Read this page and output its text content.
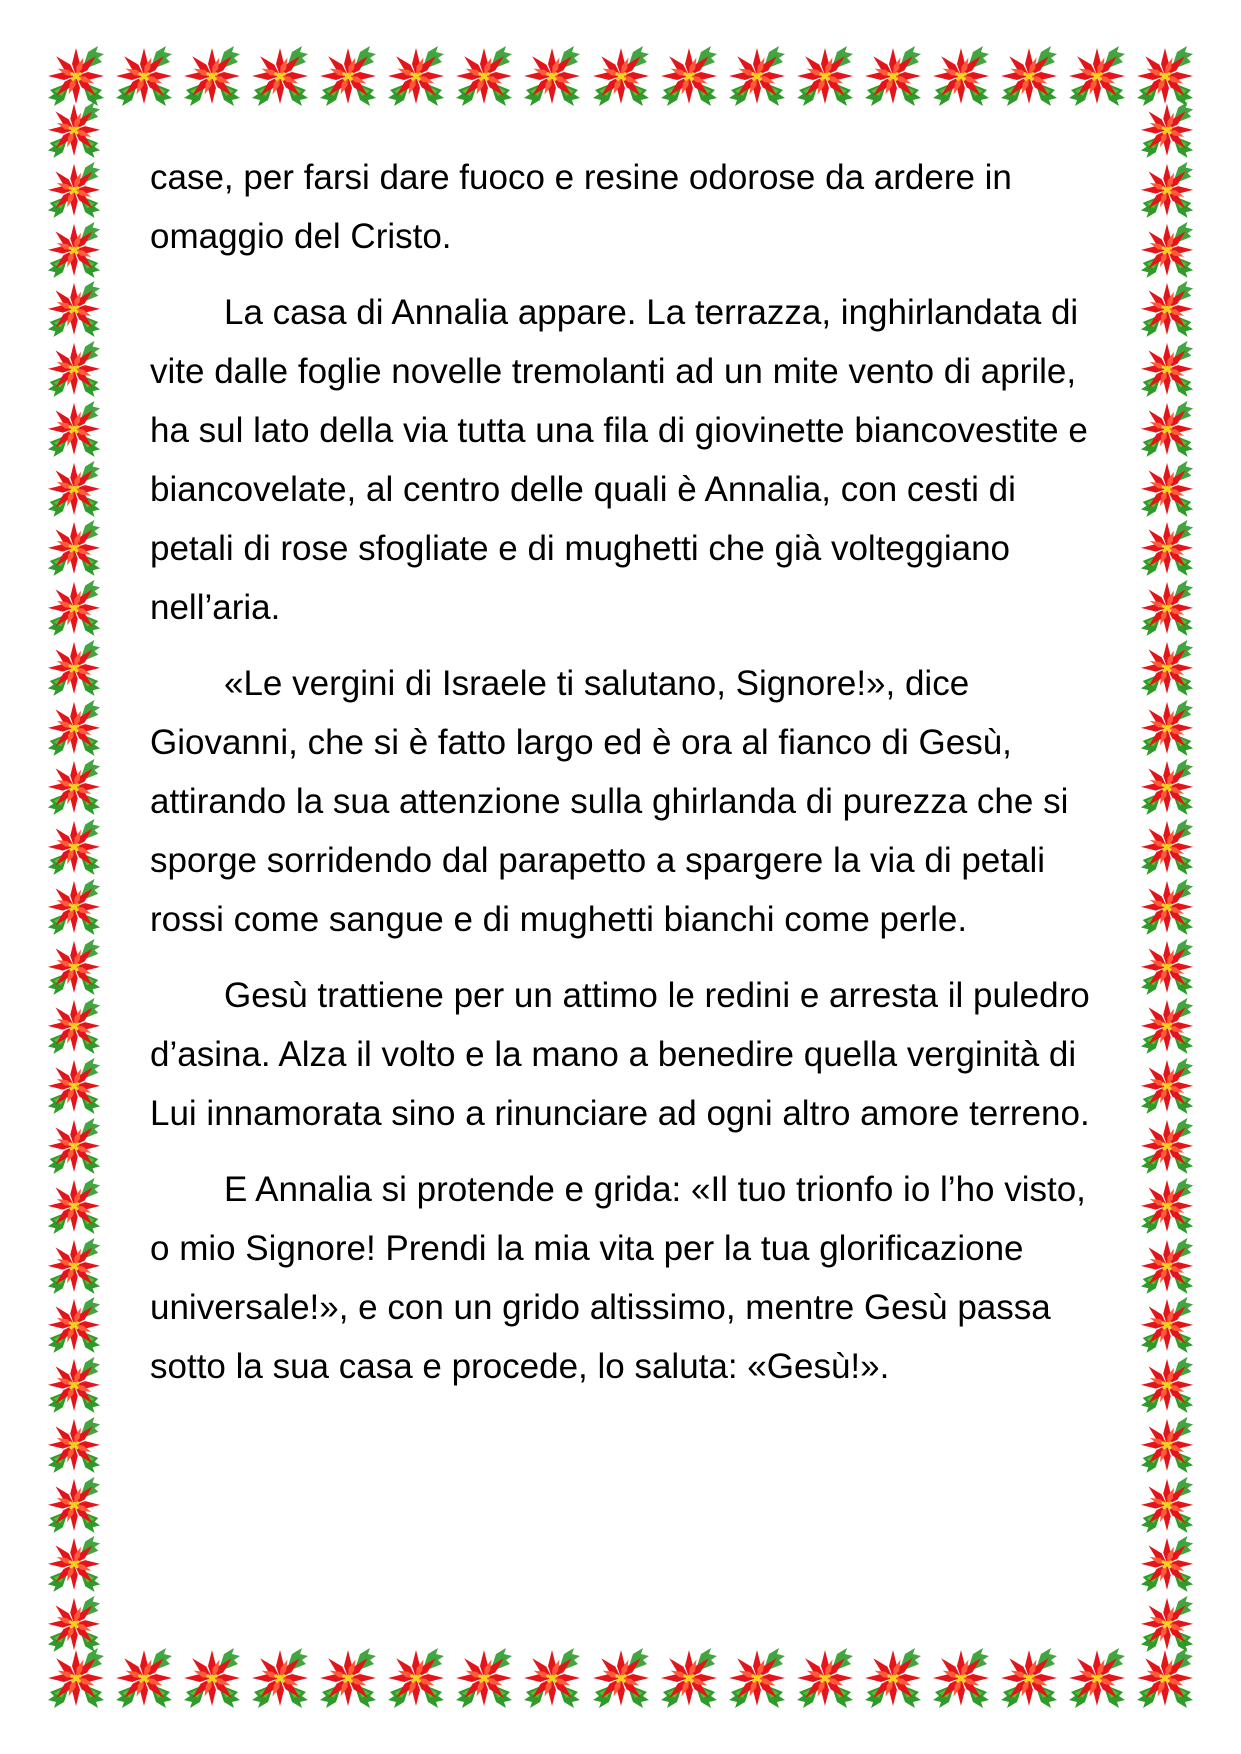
case, per farsi dare fuoco e resine odorose da ardere in omaggio del Cristo.

La casa di Annalia appare. La terrazza, inghirlandata di vite dalle foglie novelle tremolanti ad un mite vento di aprile, ha sul lato della via tutta una fila di giovinette biancovestite e biancovelate, al centro delle quali è Annalia, con cesti di petali di rose sfogliate e di mughetti che già volteggiano nell’aria.

«Le vergini di Israele ti salutano, Signore!», dice Giovanni, che si è fatto largo ed è ora al fianco di Gesù, attirando la sua attenzione sulla ghirlanda di purezza che si sporge sorridendo dal parapetto a spargere la via di petali rossi come sangue e di mughetti bianchi come perle.

Gesù trattiene per un attimo le redini e arresta il puledro d’asina. Alza il volto e la mano a benedire quella verginità di Lui innamorata sino a rinunciare ad ogni altro amore terreno.

E Annalia si protende e grida: «Il tuo trionfo io l’ho visto, o mio Signore! Prendi la mia vita per la tua glorificazione universale!», e con un grido altissimo, mentre Gesù passa sotto la sua casa e procede, lo saluta: «Gesù!».
